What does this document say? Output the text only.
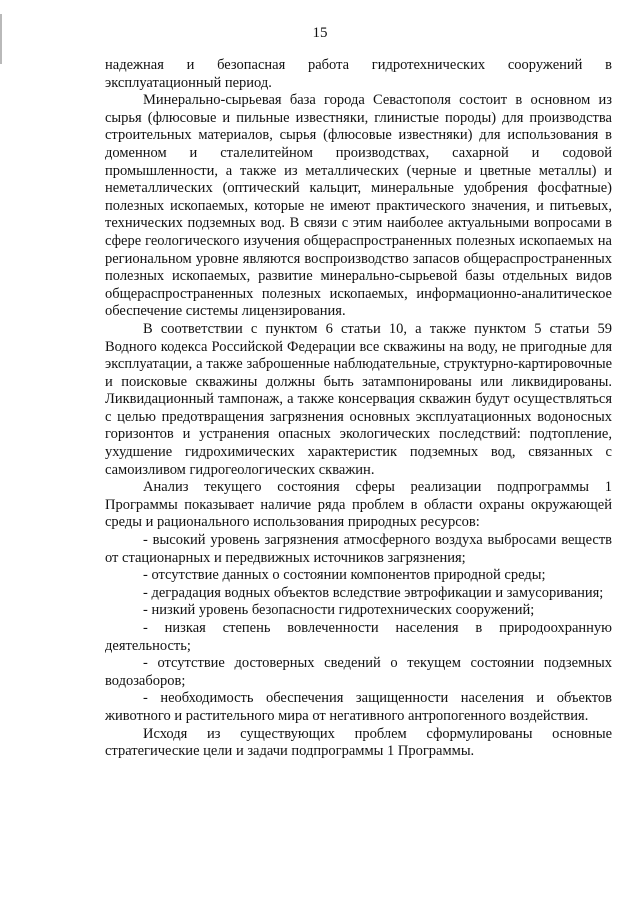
15

надежная и безопасная работа гидротехнических сооружений в эксплуатационный период.

Минерально-сырьевая база города Севастополя состоит в основном из сырья (флюсовые и пильные известняки, глинистые породы) для производства строительных материалов, сырья (флюсовые известняки) для использования в доменном и сталелитейном производствах, сахарной и содовой промышленности, а также из металлических (черные и цветные металлы) и неметаллических (оптический кальцит, минеральные удобрения фосфатные) полезных ископаемых, которые не имеют практического значения, и питьевых, технических подземных вод. В связи с этим наиболее актуальными вопросами в сфере геологического изучения общераспространенных полезных ископаемых на региональном уровне являются воспроизводство запасов общераспространенных полезных ископаемых, развитие минерально-сырьевой базы отдельных видов общераспространенных полезных ископаемых, информационно-аналитическое обеспечение системы лицензирования.

В соответствии с пунктом 6 статьи 10, а также пунктом 5 статьи 59 Водного кодекса Российской Федерации все скважины на воду, не пригодные для эксплуатации, а также заброшенные наблюдательные, структурно-картировочные и поисковые скважины должны быть затампонированы или ликвидированы. Ликвидационный тампонаж, а также консервация скважин будут осуществляться с целью предотвращения загрязнения основных эксплуатационных водоносных горизонтов и устранения опасных экологических последствий: подтопление, ухудшение гидрохимических характеристик подземных вод, связанных с самоизливом гидрогеологических скважин.

Анализ текущего состояния сферы реализации подпрограммы 1 Программы показывает наличие ряда проблем в области охраны окружающей среды и рационального использования природных ресурсов:

- высокий уровень загрязнения атмосферного воздуха выбросами веществ от стационарных и передвижных источников загрязнения;

- отсутствие данных о состоянии компонентов природной среды;

- деградация водных объектов вследствие эвтрофикации и замусоривания;

- низкий уровень безопасности гидротехнических сооружений;

- низкая степень вовлеченности населения в природоохранную деятельность;

- отсутствие достоверных сведений о текущем состоянии подземных водозаборов;

- необходимость обеспечения защищенности населения и объектов животного и растительного мира от негативного антропогенного воздействия.

Исходя из существующих проблем сформулированы основные стратегические цели и задачи подпрограммы 1 Программы.
